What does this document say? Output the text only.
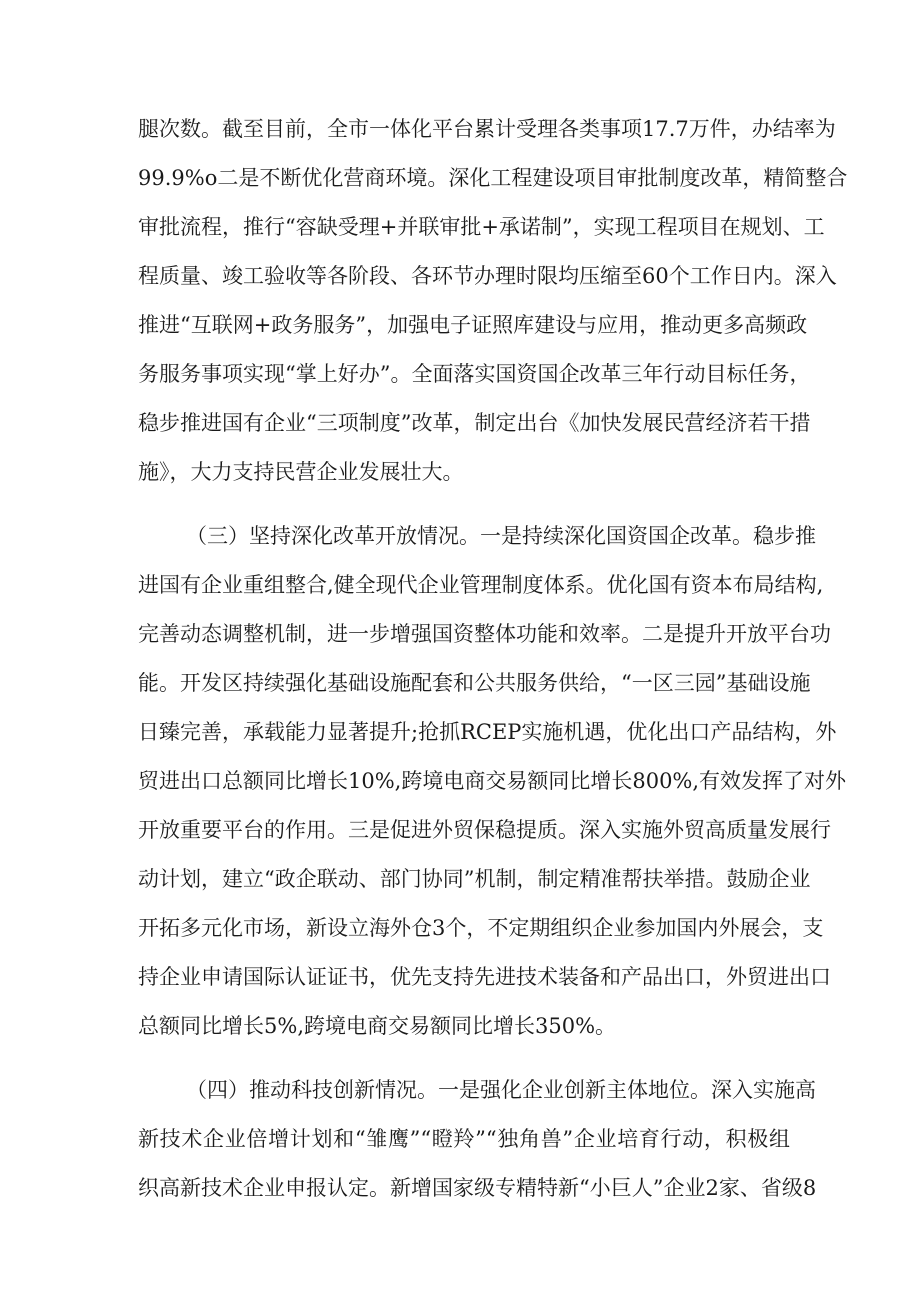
腿次数。截至目前，全市一体化平台累计受理各类事项17.7万件，办结率为
99.9%o二是不断优化营商环境。深化工程建设项目审批制度改革，精简整合
审批流程，推行“容缺受理+并联审批+承诺制”，实现工程项目在规划、工
程质量、竣工验收等各阶段、各环节办理时限均压缩至60个工作日内。深入
推进“互联网+政务服务”，加强电子证照库建设与应用，推动更多高频政
务服务事项实现“掌上好办”。全面落实国资国企改革三年行动目标任务，
稳步推进国有企业“三项制度”改革，制定出台《加快发展民营经济若干措
施》，大力支持民营企业发展壮大。
（三）坚持深化改革开放情况。一是持续深化国资国企改革。稳步推
进国有企业重组整合,健全现代企业管理制度体系。优化国有资本布局结构,
完善动态调整机制，进一步增强国资整体功能和效率。二是提升开放平台功
能。开发区持续强化基础设施配套和公共服务供给，“一区三园”基础设施
日臻完善，承载能力显著提升;抢抓RCEP实施机遇，优化出口产品结构，外
贸进出口总额同比增长10%,跨境电商交易额同比增长800%,有效发挥了对外
开放重要平台的作用。三是促进外贸保稳提质。深入实施外贸高质量发展行
动计划，建立“政企联动、部门协同”机制，制定精准帮扶举措。鼓励企业
开拓多元化市场，新设立海外仓3个，不定期组织企业参加国内外展会，支
持企业申请国际认证证书，优先支持先进技术装备和产品出口，外贸进出口
总额同比增长5%,跨境电商交易额同比增长350%。
（四）推动科技创新情况。一是强化企业创新主体地位。深入实施高
新技术企业倍增计划和“雏鹰”“瞪羚”“独角兽”企业培育行动，积极组
织高新技术企业申报认定。新增国家级专精特新“小巨人”企业2家、省级8
